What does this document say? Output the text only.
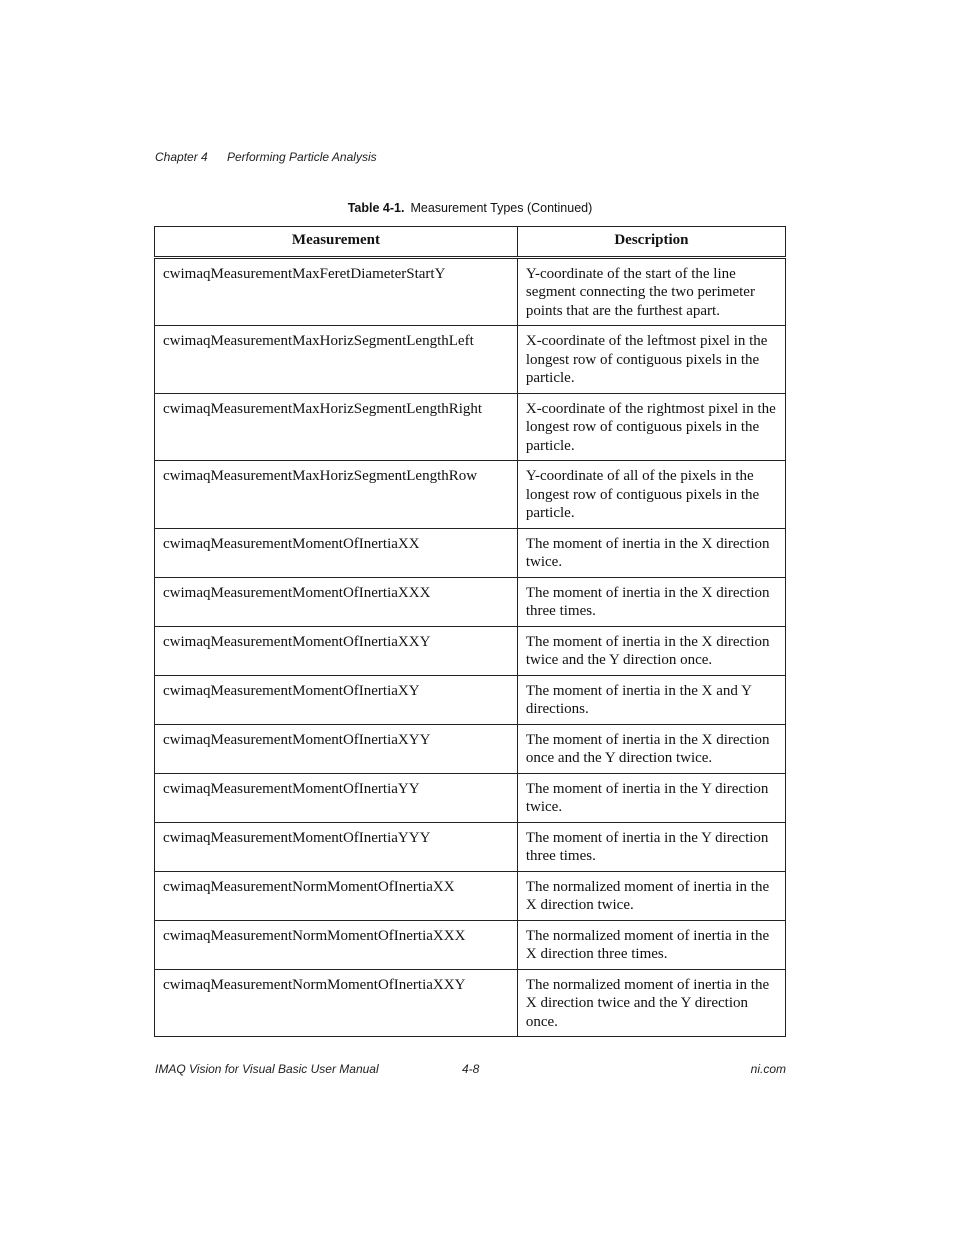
Chapter 4 Performing Particle Analysis
Table 4-1. Measurement Types (Continued)
Measurement	Description
cwimaqMeasurementMaxFeretDiameterStartY	Y-coordinate of the start of the line segment connecting the two perimeter points that are the furthest apart.
cwimaqMeasurementMaxHorizSegmentLengthLeft	X-coordinate of the leftmost pixel in the longest row of contiguous pixels in the particle.
cwimaqMeasurementMaxHorizSegmentLengthRight	X-coordinate of the rightmost pixel in the longest row of contiguous pixels in the particle.
cwimaqMeasurementMaxHorizSegmentLengthRow	Y-coordinate of all of the pixels in the longest row of contiguous pixels in the particle.
cwimaqMeasurementMomentOfInertiaXX	The moment of inertia in the X direction twice.
cwimaqMeasurementMomentOfInertiaXXX	The moment of inertia in the X direction three times.
cwimaqMeasurementMomentOfInertiaXXY	The moment of inertia in the X direction twice and the Y direction once.
cwimaqMeasurementMomentOfInertiaXY	The moment of inertia in the X and Y directions.
cwimaqMeasurementMomentOfInertiaXYY	The moment of inertia in the X direction once and the Y direction twice.
cwimaqMeasurementMomentOfInertiaYY	The moment of inertia in the Y direction twice.
cwimaqMeasurementMomentOfInertiaYYY	The moment of inertia in the Y direction three times.
cwimaqMeasurementNormMomentOfInertiaXX	The normalized moment of inertia in the X direction twice.
cwimaqMeasurementNormMomentOfInertiaXXX	The normalized moment of inertia in the X direction three times.
cwimaqMeasurementNormMomentOfInertiaXXY	The normalized moment of inertia in the X direction twice and the Y direction once.
IMAQ Vision for Visual Basic User Manual	4-8	ni.com
